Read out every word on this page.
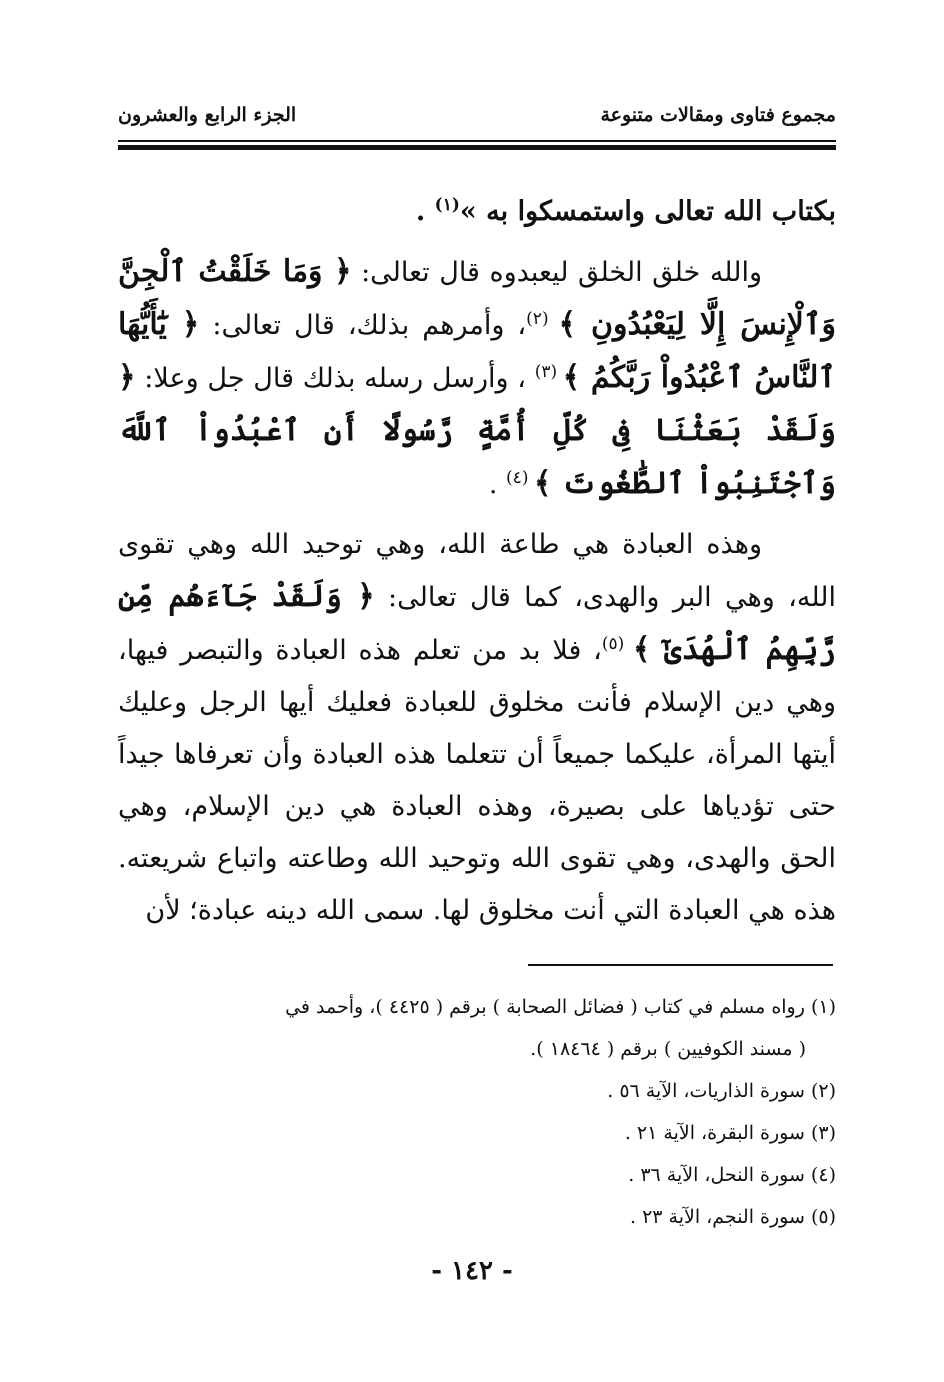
مجموع فتاوى ومقالات متنوعة
الجزء الرابع والعشرون

بكتاب الله تعالى واستمسكوا به »$^{(١)}$ .

والله خلق الخلق ليعبدوه قال تعالى: ﴿ وَمَا خَلَقْتُ ٱلْجِنَّ وَٱلْإِنسَ إِلَّا لِيَعْبُدُونِ ﴾ $^{(٢)}$، وأمرهم بذلك، قال تعالى: ﴿ يَٰٓأَيُّهَا ٱلنَّاسُ ٱعْبُدُواْ رَبَّكُمُ ﴾ $^{(٣)}$ ، وأرسل رسله بذلك قال جل وعلا: ﴿ وَلَقَدْ بَعَثْنَا فِى كُلِّ أُمَّةٍ رَّسُولًا أَنِ ٱعْبُدُواْ ٱللَّهَ وَٱجْتَنِبُواْ ٱلطَّٰغُوتَ ﴾ $^{(٤)}$ .

وهذه العبادة هي طاعة الله، وهي توحيد الله وهي تقوى الله، وهي البر والهدى، كما قال تعالى: ﴿ وَلَقَدْ جَآءَهُم مِّن رَّبِّهِمُ ٱلْهُدَىٰٓ ﴾ $^{(٥)}$، فلا بد من تعلم هذه العبادة والتبصر فيها، وهي دين الإسلام فأنت مخلوق للعبادة فعليك أيها الرجل وعليك أيتها المرأة، عليكما جميعاً أن تتعلما هذه العبادة وأن تعرفاها جيداً حتى تؤدياها على بصيرة، وهذه العبادة هي دين الإسلام، وهي الحق والهدى، وهي تقوى الله وتوحيد الله وطاعته واتباع شريعته. هذه هي العبادة التي أنت مخلوق لها. سمى الله دينه عبادة؛ لأن

(١) رواه مسلم في كتاب ( فضائل الصحابة ) برقم ( ٤٤٢٥ )، وأحمد في

( مسند الكوفيين ) برقم ( ١٨٤٦٤ ).

(٢) سورة الذاريات، الآية ٥٦ .

(٣) سورة البقرة، الآية ٢١ .

(٤) سورة النحل، الآية ٣٦ .

(٥) سورة النجم، الآية ٢٣ .

- ١٤٢ -
